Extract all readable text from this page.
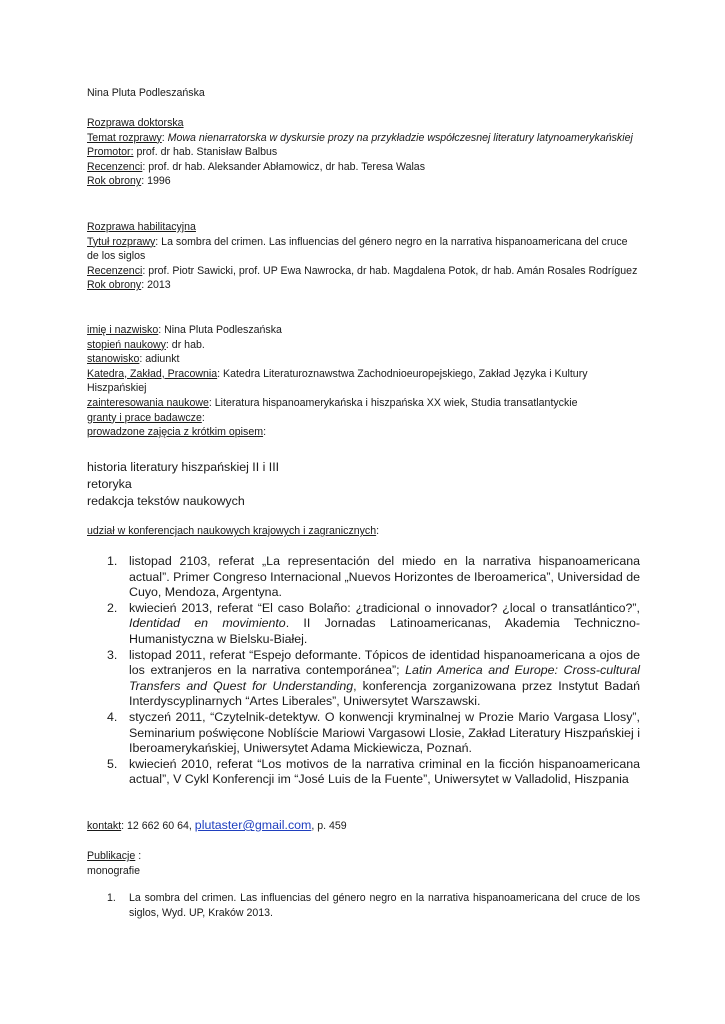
Nina Pluta Podleszańska

Rozprawa doktorska

Temat rozprawy: Mowa nienarratorska w dyskursie prozy na przykładzie współczesnej literatury latynoamerykańskiej

Promotor: prof. dr hab. Stanisław Balbus

Recenzenci: prof. dr hab. Aleksander Abłamowicz, dr hab. Teresa Walas

Rok obrony: 1996

Rozprawa habilitacyjna

Tytuł rozprawy: La sombra del crimen. Las influencias del género negro en la narrativa hispanoamericana del cruce de los siglos

Recenzenci: prof. Piotr Sawicki, prof. UP Ewa Nawrocka, dr hab. Magdalena Potok, dr hab. Amán Rosales Rodríguez

Rok obrony: 2013

imię i nazwisko: Nina Pluta Podleszańska

stopień naukowy: dr hab.

stanowisko: adiunkt

Katedra, Zakład, Pracownia: Katedra Literaturoznawstwa Zachodnioeuropejskiego, Zakład Języka i Kultury Hiszpańskiej

zainteresowania naukowe: Literatura hispanoamerykańska i hiszpańska XX wiek, Studia transatlantyckie

granty i prace badawcze:

prowadzone zajęcia z krótkim opisem:

historia literatury hiszpańskiej II i III

retoryka

redakcja tekstów naukowych

udział w konferencjach naukowych krajowych i zagranicznych:

1. listopad 2103, referat „La representación del miedo en la narrativa hispanoamericana actual”. Primer Congreso Internacional „Nuevos Horizontes de Iberoamerica”, Universidad de Cuyo, Mendoza, Argentyna.
2. kwiecień 2013, referat “El caso Bolaño: ¿tradicional o innovador? ¿local o transatlántico?”, Identidad en movimiento. II Jornadas Latinoamericanas, Akademia Techniczno-Humanistyczna w Bielsku-Białej.
3. listopad 2011, referat “Espejo deformante. Tópicos de identidad hispanoamericana a ojos de los extranjeros en la narrativa contemporánea”; Latin America and Europe: Cross-cultural Transfers and Quest for Understanding, konferencja zorganizowana przez Instytut Badań Interdyscyplinarnych “Artes Liberales”, Uniwersytet Warszawski.
4. styczeń 2011, “Czytelnik-detektyw. O konwencji kryminalnej w Prozie Mario Vargasa Llosy”, Seminarium poświęcone Noblíście Mariowi Vargasowi Llosie, Zakład Literatury Hiszpańskiej i Iberoamerykańskiej, Uniwersytet Adama Mickiewicza, Poznań.
5. kwiecień 2010, referat “Los motivos de la narrativa criminal en la ficción hispanoamericana actual”, V Cykl Konferencji im “José Luis de la Fuente”, Uniwersytet w Valladolid, Hiszpania

kontakt: 12 662 60 64, plutaster@gmail.com, p. 459

Publikacje :

monografie

1. La sombra del crimen. Las influencias del género negro en la narrativa hispanoamericana del cruce de los siglos, Wyd. UP, Kraków 2013.
